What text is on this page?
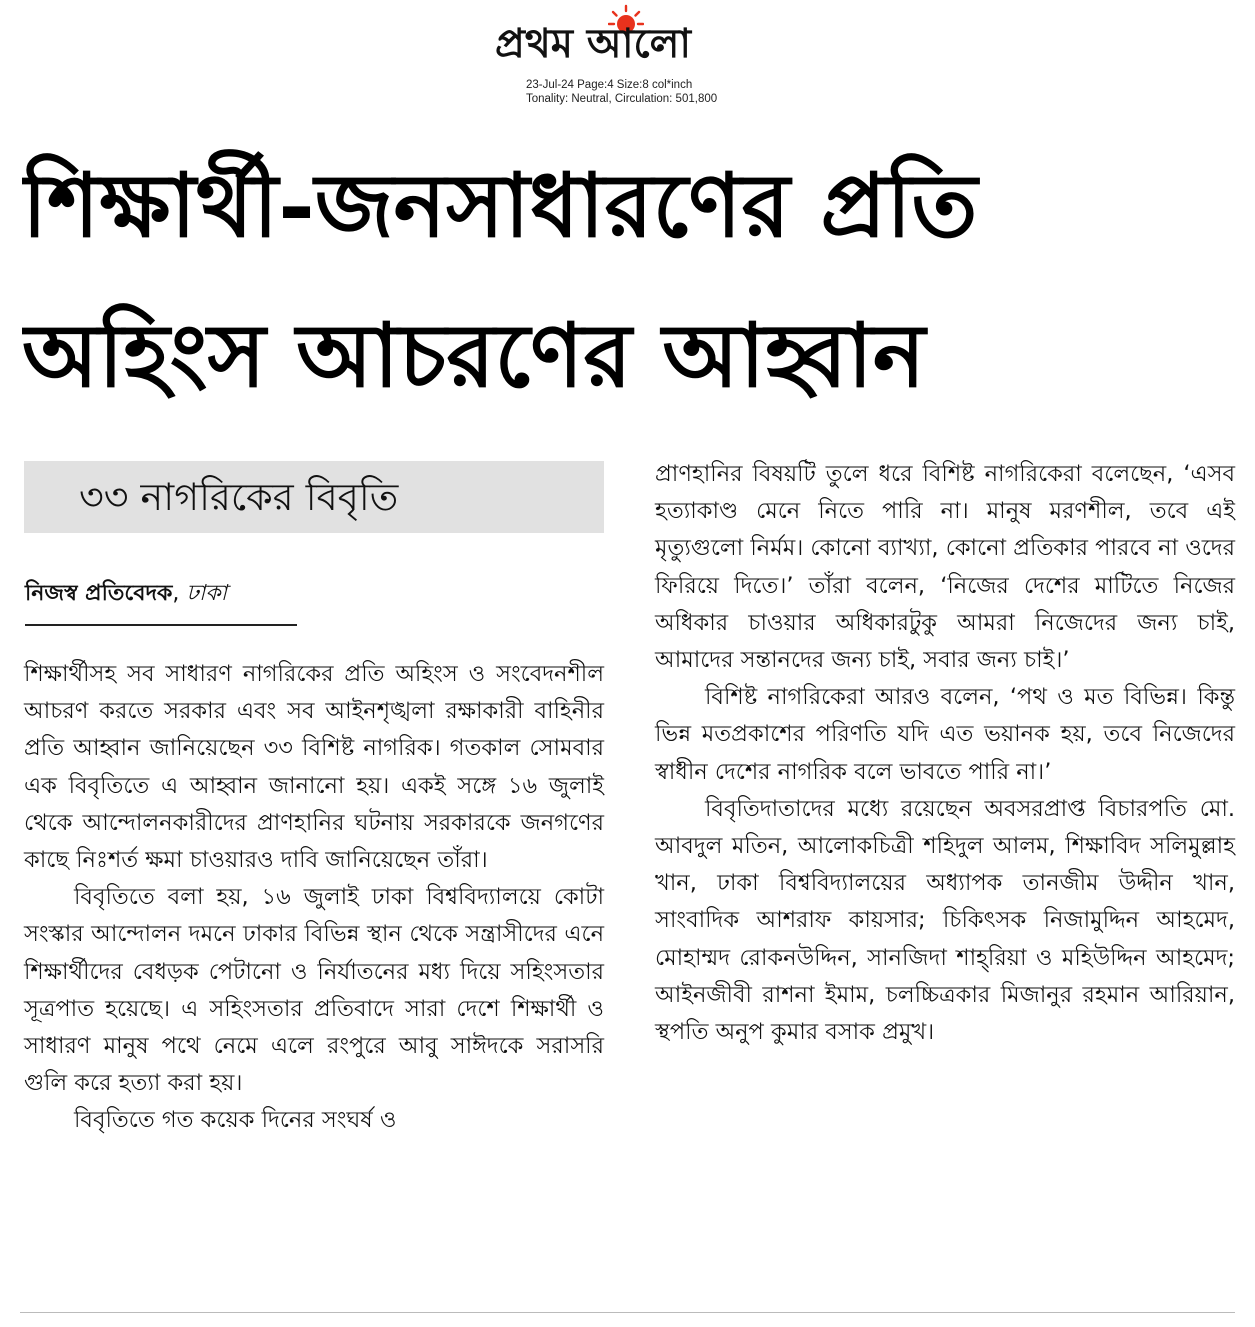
প্রথম আলো
23-Jul-24 Page:4 Size:8 col*inch
Tonality: Neutral, Circulation: 501,800
শিক্ষার্থী-জনসাধারণের প্রতি
অহিংস আচরণের আহ্বান
৩৩ নাগরিকের বিবৃতি
নিজস্ব প্রতিবেদক, ঢাকা

শিক্ষার্থীসহ সব সাধারণ নাগরিকের প্রতি অহিংস ও সংবেদনশীল আচরণ করতে সরকার এবং সব আইনশৃঙ্খলা রক্ষাকারী বাহিনীর প্রতি আহ্বান জানিয়েছেন ৩৩ বিশিষ্ট নাগরিক। গতকাল সোমবার এক বিবৃতিতে এ আহ্বান জানানো হয়। একই সঙ্গে ১৬ জুলাই থেকে আন্দোলনকারীদের প্রাণহানির ঘটনায় সরকারকে জনগণের কাছে নিঃশর্ত ক্ষমা চাওয়ারও দাবি জানিয়েছেন তাঁরা।

বিবৃতিতে বলা হয়, ১৬ জুলাই ঢাকা বিশ্ববিদ্যালয়ে কোটা সংস্কার আন্দোলন দমনে ঢাকার বিভিন্ন স্থান থেকে সন্ত্রাসীদের এনে শিক্ষার্থীদের বেধড়ক পেটানো ও নির্যাতনের মধ্য দিয়ে সহিংসতার সূত্রপাত হয়েছে। এ সহিংসতার প্রতিবাদে সারা দেশে শিক্ষার্থী ও সাধারণ মানুষ পথে নেমে এলে রংপুরে আবু সাঈদকে সরাসরি গুলি করে হত্যা করা হয়।

বিবৃতিতে গত কয়েক দিনের সংঘর্ষ ও

প্রাণহানির বিষয়টি তুলে ধরে বিশিষ্ট নাগরিকেরা বলেছেন, ‘এসব হত্যাকাণ্ড মেনে নিতে পারি না। মানুষ মরণশীল, তবে এই মৃত্যুগুলো নির্মম। কোনো ব্যাখ্যা, কোনো প্রতিকার পারবে না ওদের ফিরিয়ে দিতে।’ তাঁরা বলেন, ‘নিজের দেশের মাটিতে নিজের অধিকার চাওয়ার অধিকারটুকু আমরা নিজেদের জন্য চাই, আমাদের সন্তানদের জন্য চাই, সবার জন্য চাই।’

বিশিষ্ট নাগরিকেরা আরও বলেন, ‘পথ ও মত বিভিন্ন। কিন্তু ভিন্ন মতপ্রকাশের পরিণতি যদি এত ভয়ানক হয়, তবে নিজেদের স্বাধীন দেশের নাগরিক বলে ভাবতে পারি না।’

বিবৃতিদাতাদের মধ্যে রয়েছেন অবসরপ্রাপ্ত বিচারপতি মো. আবদুল মতিন, আলোকচিত্রী শহিদুল আলম, শিক্ষাবিদ সলিমুল্লাহ খান, ঢাকা বিশ্ববিদ্যালয়ের অধ্যাপক তানজীম উদ্দীন খান, সাংবাদিক আশরাফ কায়সার; চিকিৎসক নিজামুদ্দিন আহমেদ, মোহাম্মদ রোকনউদ্দিন, সানজিদা শাহ্‌রিয়া ও মহিউদ্দিন আহমেদ; আইনজীবী রাশনা ইমাম, চলচ্চিত্রকার মিজানুর রহমান আরিয়ান, স্থপতি অনুপ কুমার বসাক প্রমুখ।
